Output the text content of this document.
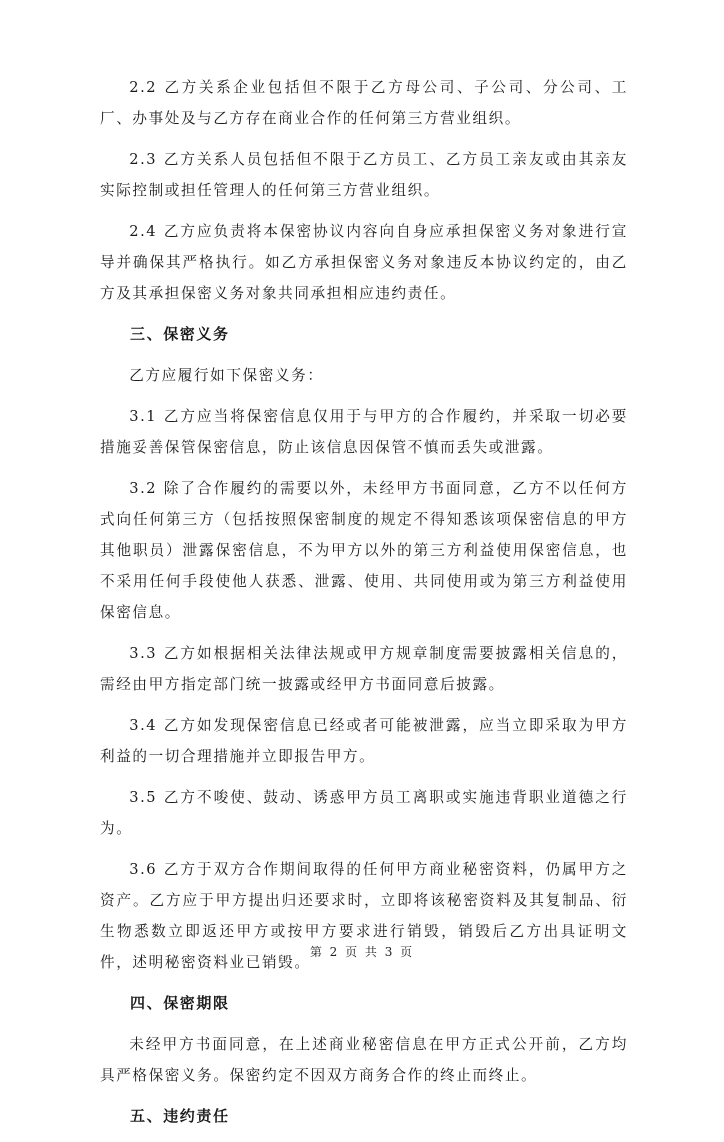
2.2 乙方关系企业包括但不限于乙方母公司、子公司、分公司、工厂、办事处及与乙方存在商业合作的任何第三方营业组织。

2.3 乙方关系人员包括但不限于乙方员工、乙方员工亲友或由其亲友实际控制或担任管理人的任何第三方营业组织。

2.4 乙方应负责将本保密协议内容向自身应承担保密义务对象进行宣导并确保其严格执行。如乙方承担保密义务对象违反本协议约定的，由乙方及其承担保密义务对象共同承担相应违约责任。

三、保密义务

乙方应履行如下保密义务：

3.1 乙方应当将保密信息仅用于与甲方的合作履约，并采取一切必要措施妥善保管保密信息，防止该信息因保管不慎而丢失或泄露。

3.2 除了合作履约的需要以外，未经甲方书面同意，乙方不以任何方式向任何第三方（包括按照保密制度的规定不得知悉该项保密信息的甲方其他职员）泄露保密信息，不为甲方以外的第三方利益使用保密信息，也不采用任何手段使他人获悉、泄露、使用、共同使用或为第三方利益使用保密信息。

3.3 乙方如根据相关法律法规或甲方规章制度需要披露相关信息的，需经由甲方指定部门统一披露或经甲方书面同意后披露。

3.4 乙方如发现保密信息已经或者可能被泄露，应当立即采取为甲方利益的一切合理措施并立即报告甲方。

3.5 乙方不唆使、鼓动、诱惑甲方员工离职或实施违背职业道德之行为。

3.6 乙方于双方合作期间取得的任何甲方商业秘密资料，仍属甲方之资产。乙方应于甲方提出归还要求时，立即将该秘密资料及其复制品、衍生物悉数立即返还甲方或按甲方要求进行销毁，销毁后乙方出具证明文件，述明秘密资料业已销毁。

四、保密期限

未经甲方书面同意，在上述商业秘密信息在甲方正式公开前，乙方均具严格保密义务。保密约定不因双方商务合作的终止而终止。

五、违约责任

第 2 页 共 3 页
